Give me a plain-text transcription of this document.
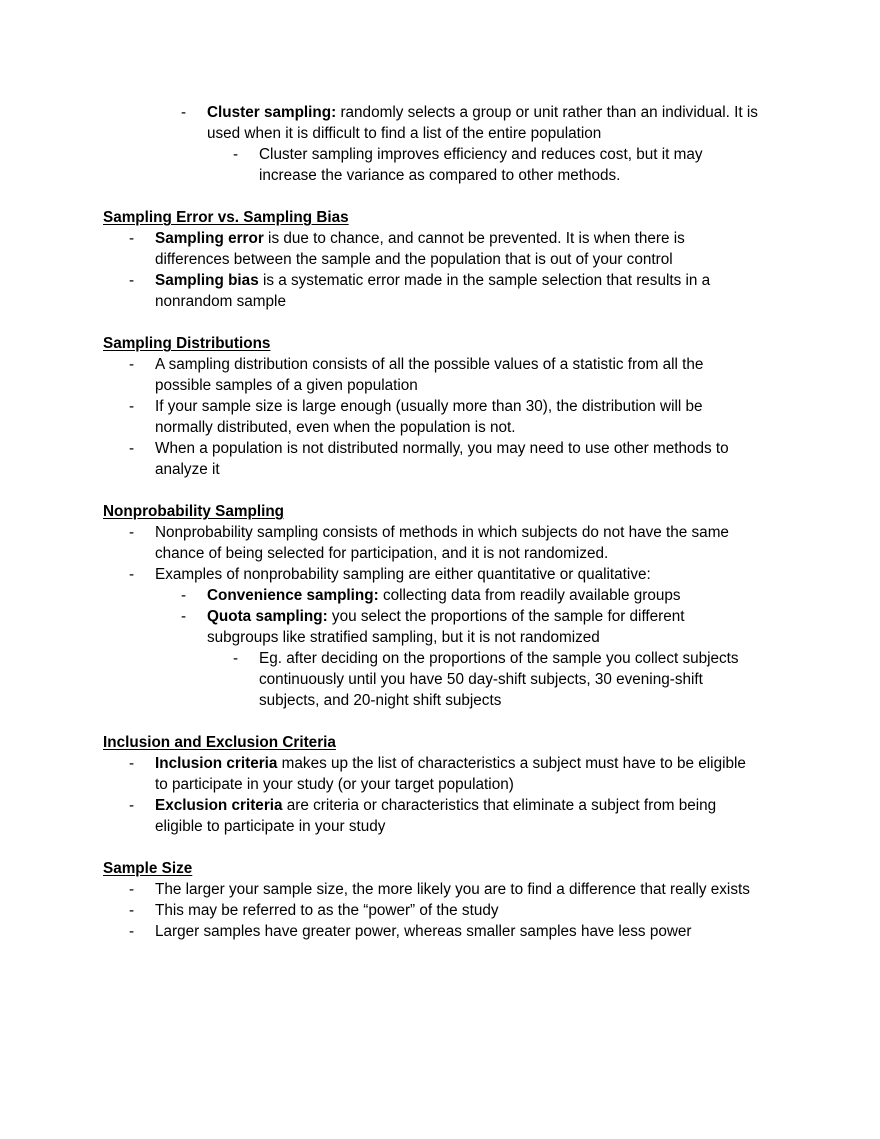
- Cluster sampling: randomly selects a group or unit rather than an individual. It is
used when it is difficult to find a list of the entire population
- Cluster sampling improves efficiency and reduces cost, but it may
increase the variance as compared to other methods.
Sampling Error vs. Sampling Bias
- Sampling error is due to chance, and cannot be prevented. It is when there is
differences between the sample and the population that is out of your control
- Sampling bias is a systematic error made in the sample selection that results in a
nonrandom sample
Sampling Distributions
- A sampling distribution consists of all the possible values of a statistic from all the
possible samples of a given population
- If your sample size is large enough (usually more than 30), the distribution will be
normally distributed, even when the population is not.
- When a population is not distributed normally, you may need to use other methods to
analyze it
Nonprobability Sampling
- Nonprobability sampling consists of methods in which subjects do not have the same
chance of being selected for participation, and it is not randomized.
- Examples of nonprobability sampling are either quantitative or qualitative:
- Convenience sampling: collecting data from readily available groups
- Quota sampling: you select the proportions of the sample for different
subgroups like stratified sampling, but it is not randomized
- Eg. after deciding on the proportions of the sample you collect subjects
continuously until you have 50 day-shift subjects, 30 evening-shift
subjects, and 20-night shift subjects
Inclusion and Exclusion Criteria
- Inclusion criteria makes up the list of characteristics a subject must have to be eligible
to participate in your study (or your target population)
- Exclusion criteria are criteria or characteristics that eliminate a subject from being
eligible to participate in your study
Sample Size
- The larger your sample size, the more likely you are to find a difference that really exists
- This may be referred to as the “power” of the study
- Larger samples have greater power, whereas smaller samples have less power
